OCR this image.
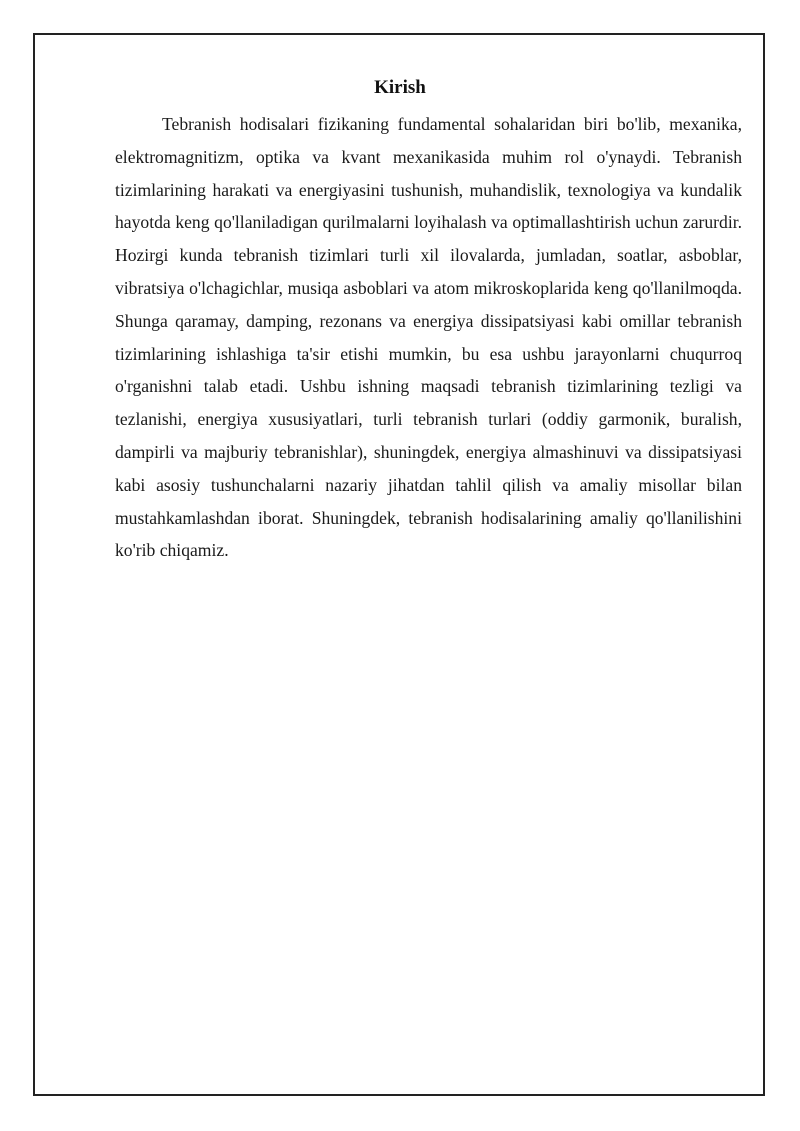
Kirish

Tebranish hodisalari fizikaning fundamental sohalaridan biri bo'lib, mexanika, elektromagnitizm, optika va kvant mexanikasida muhim rol o'ynaydi. Tebranish tizimlarining harakati va energiyasini tushunish, muhandislik, texnologiya va kundalik hayotda keng qo'llaniladigan qurilmalarni loyihalash va optimallashtirish uchun zarurdir. Hozirgi kunda tebranish tizimlari turli xil ilovalarda, jumladan, soatlar, asboblar, vibratsiya o'lchagichlar, musiqa asboblari va atom mikroskoplarida keng qo'llanilmoqda. Shunga qaramay, damping, rezonans va energiya dissipatsiyasi kabi omillar tebranish tizimlarining ishlashiga ta'sir etishi mumkin, bu esa ushbu jarayonlarni chuqurroq o'rganishni talab etadi. Ushbu ishning maqsadi tebranish tizimlarining tezligi va tezlanishi, energiya xususiyatlari, turli tebranish turlari (oddiy garmonik, buralish, dampirli va majburiy tebranishlar), shuningdek, energiya almashinuvi va dissipatsiyasi kabi asosiy tushunchalarni nazariy jihatdan tahlil qilish va amaliy misollar bilan mustahkamlashdan iborat. Shuningdek, tebranish hodisalarining amaliy qo'llanilishini ko'rib chiqamiz.
